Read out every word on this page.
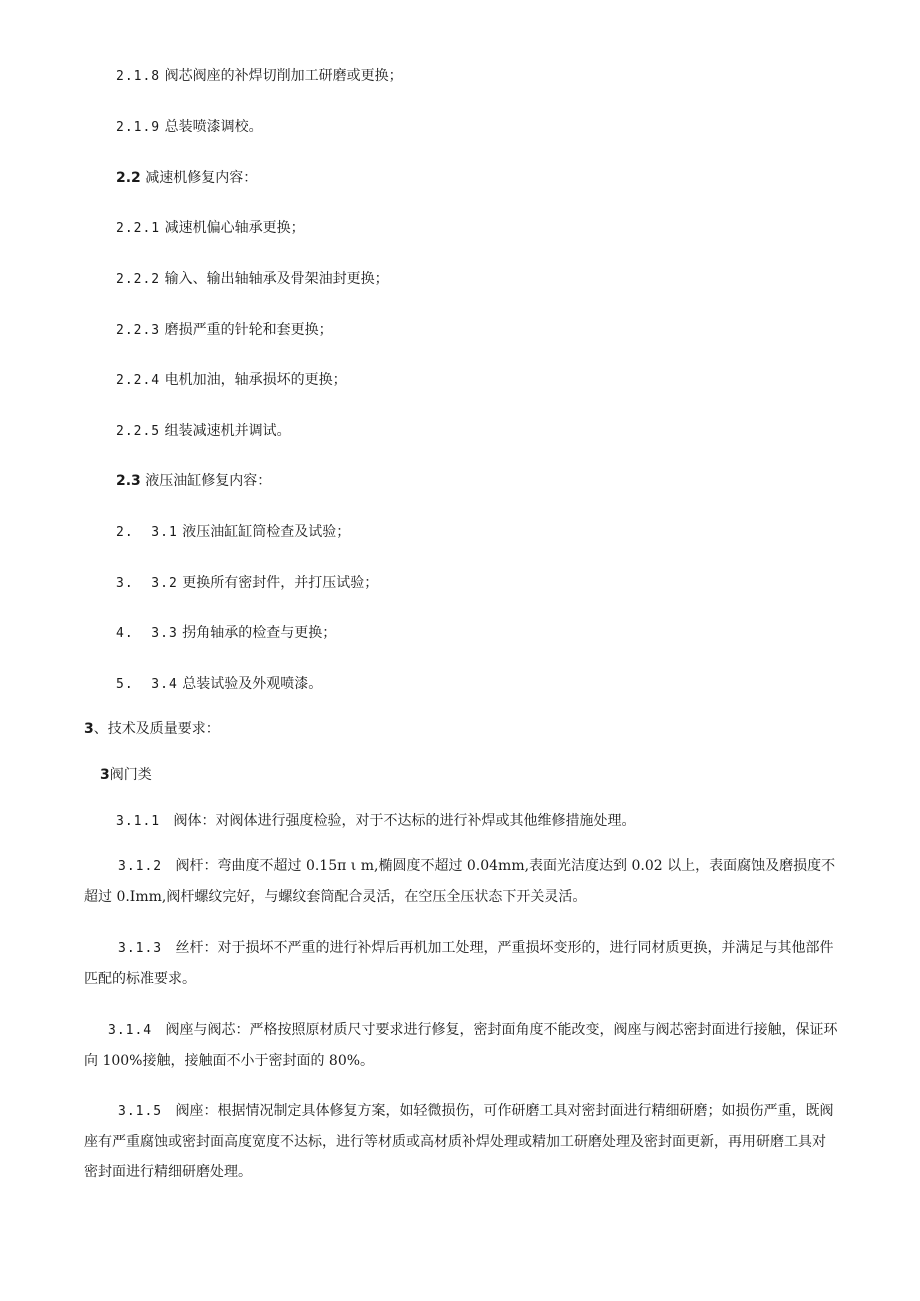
2.1.8 阀芯阀座的补焊切削加工研磨或更换；
2.1.9 总装喷漆调校。
2.2 减速机修复内容：
2.2.1 减速机偏心轴承更换；
2.2.2 输入、输出轴轴承及骨架油封更换；
2.2.3 磨损严重的针轮和套更换；
2.2.4 电机加油，轴承损坏的更换；
2.2.5 组装减速机并调试。
2.3 液压油缸修复内容：
2.  3.1 液压油缸缸筒检查及试验；
3.  3.2 更换所有密封件，并打压试验；
4.  3.3 拐角轴承的检查与更换；
5.  3.4 总装试验及外观喷漆。
3、技术及质量要求：
3阀门类
3.1.1 阀体：对阀体进行强度检验，对于不达标的进行补焊或其他维修措施处理。
3.1.2 阀杆：弯曲度不超过 0.15π ι m,椭圆度不超过 0.04mm,表面光洁度达到 0.02 以上，表面腐蚀及磨损度不超过 0.Imm,阀杆螺纹完好，与螺纹套筒配合灵活，在空压全压状态下开关灵活。
3.1.3 丝杆：对于损坏不严重的进行补焊后再机加工处理，严重损坏变形的，进行同材质更换，并满足与其他部件匹配的标准要求。
3.1.4 阀座与阀芯：严格按照原材质尺寸要求进行修复，密封面角度不能改变，阀座与阀芯密封面进行接触，保证环向 100%接触，接触面不小于密封面的 80%。
3.1.5 阀座：根据情况制定具体修复方案，如轻微损伤，可作研磨工具对密封面进行精细研磨；如损伤严重，既阀座有严重腐蚀或密封面高度宽度不达标，进行等材质或高材质补焊处理或精加工研磨处理及密封面更新，再用研磨工具对密封面进行精细研磨处理。
